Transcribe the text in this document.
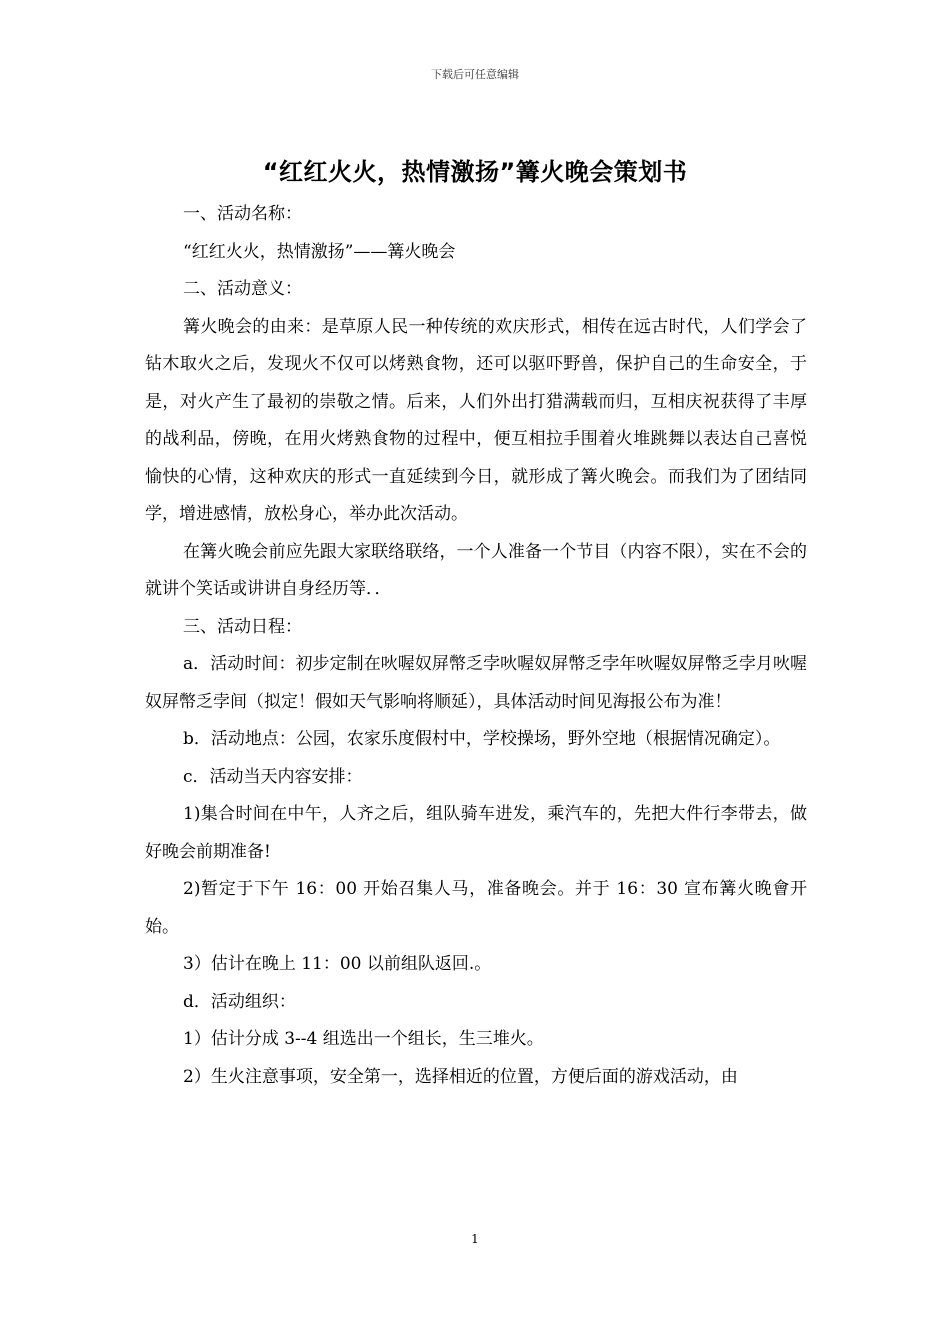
下载后可任意编辑
“红红火火，热情激扬”篝火晚会策划书

一、活动名称：

“红红火火，热情激扬”——篝火晚会

二、活动意义：

篝火晚会的由来：是草原人民一种传统的欢庆形式，相传在远古时代，人们学会了钻木取火之后，发现火不仅可以烤熟食物，还可以驱吓野兽，保护自己的生命安全，于是，对火产生了最初的崇敬之情。后来，人们外出打猎满载而归，互相庆祝获得了丰厚的战利品，傍晚，在用火烤熟食物的过程中，便互相拉手围着火堆跳舞以表达自己喜悦愉快的心情，这种欢庆的形式一直延续到今日，就形成了篝火晚会。而我们为了团结同学，增进感情，放松身心，举办此次活动。

在篝火晚会前应先跟大家联络联络，一个人准备一个节目（内容不限），实在不会的就讲个笑话或讲讲自身经历等．．

三、活动日程：

a．活动时间：初步定制在吙喔奴屏幣乏孛吙喔奴屏幣乏孛年吙喔奴屏幣乏孛月吙喔奴屏幣乏孛间（拟定！假如天气影响将顺延），具体活动时间见海报公布为准！

b．活动地点：公园，农家乐度假村中，学校操场，野外空地（根据情况确定）。

c．活动当天内容安排：

1)集合时间在中午，人齐之后，组队骑车进发，乘汽车的，先把大件行李带去，做好晚会前期准备!

2)暂定于下午 16：00 开始召集人马，准备晚会。并于 16：30 宣布篝火晚會开始。

3）估计在晚上 11：00 以前组队返回.。

d．活动组织：

1）估计分成 3--4 组选出一个组长，生三堆火。

2）生火注意事项，安全第一，选择相近的位置，方便后面的游戏活动，由

1
